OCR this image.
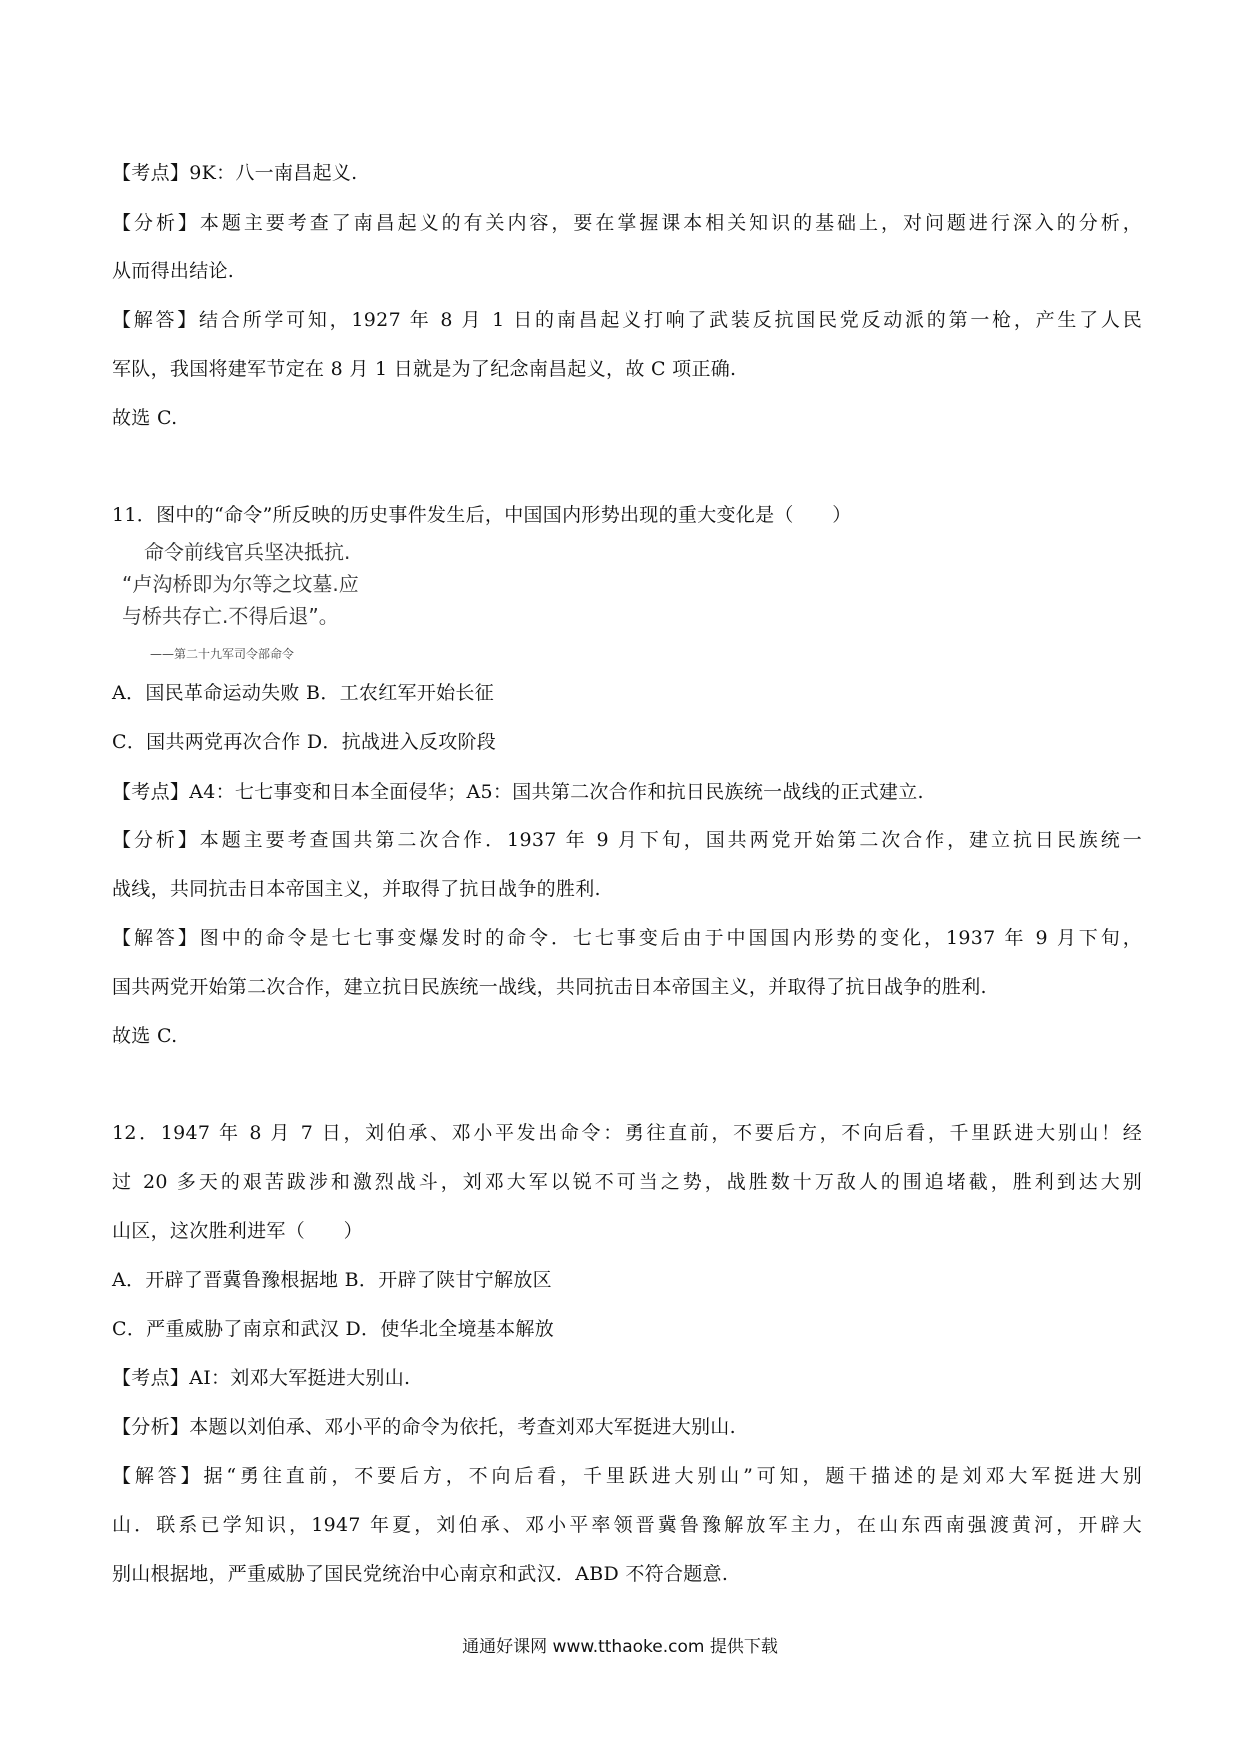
【考点】9K：八一南昌起义.
【分析】本题主要考查了南昌起义的有关内容，要在掌握课本相关知识的基础上，对问题进行深入的分析，
从而得出结论.
【解答】结合所学可知，1927 年 8 月 1 日的南昌起义打响了武装反抗国民党反动派的第一枪，产生了人民
军队，我国将建军节定在 8 月 1 日就是为了纪念南昌起义，故 C 项正确.
故选 C.
11．图中的“命令”所反映的历史事件发生后，中国国内形势出现的重大变化是（　　）
命令前线官兵坚决抵抗.
“卢沟桥即为尔等之坟墓.应
与桥共存亡.不得后退”。
——第二十九军司令部命令
A．国民革命运动失败 B．工农红军开始长征
C．国共两党再次合作 D．抗战进入反攻阶段
【考点】A4：七七事变和日本全面侵华；A5：国共第二次合作和抗日民族统一战线的正式建立.
【分析】本题主要考查国共第二次合作．1937 年 9 月下旬，国共两党开始第二次合作，建立抗日民族统一
战线，共同抗击日本帝国主义，并取得了抗日战争的胜利.
【解答】图中的命令是七七事变爆发时的命令．七七事变后由于中国国内形势的变化，1937 年 9 月下旬，
国共两党开始第二次合作，建立抗日民族统一战线，共同抗击日本帝国主义，并取得了抗日战争的胜利.
故选 C.
12．1947 年 8 月 7 日，刘伯承、邓小平发出命令：勇往直前，不要后方，不向后看，千里跃进大别山！经
过 20 多天的艰苦跋涉和激烈战斗，刘邓大军以锐不可当之势，战胜数十万敌人的围追堵截，胜利到达大别
山区，这次胜利进军（　　）
A．开辟了晋冀鲁豫根据地 B．开辟了陕甘宁解放区
C．严重威胁了南京和武汉 D．使华北全境基本解放
【考点】AI：刘邓大军挺进大别山.
【分析】本题以刘伯承、邓小平的命令为依托，考查刘邓大军挺进大别山.
【解答】据“勇往直前，不要后方，不向后看，千里跃进大别山”可知，题干描述的是刘邓大军挺进大别
山．联系已学知识，1947 年夏，刘伯承、邓小平率领晋冀鲁豫解放军主力，在山东西南强渡黄河，开辟大
别山根据地，严重威胁了国民党统治中心南京和武汉．ABD 不符合题意.
通通好课网 www.tthaoke.com 提供下载
